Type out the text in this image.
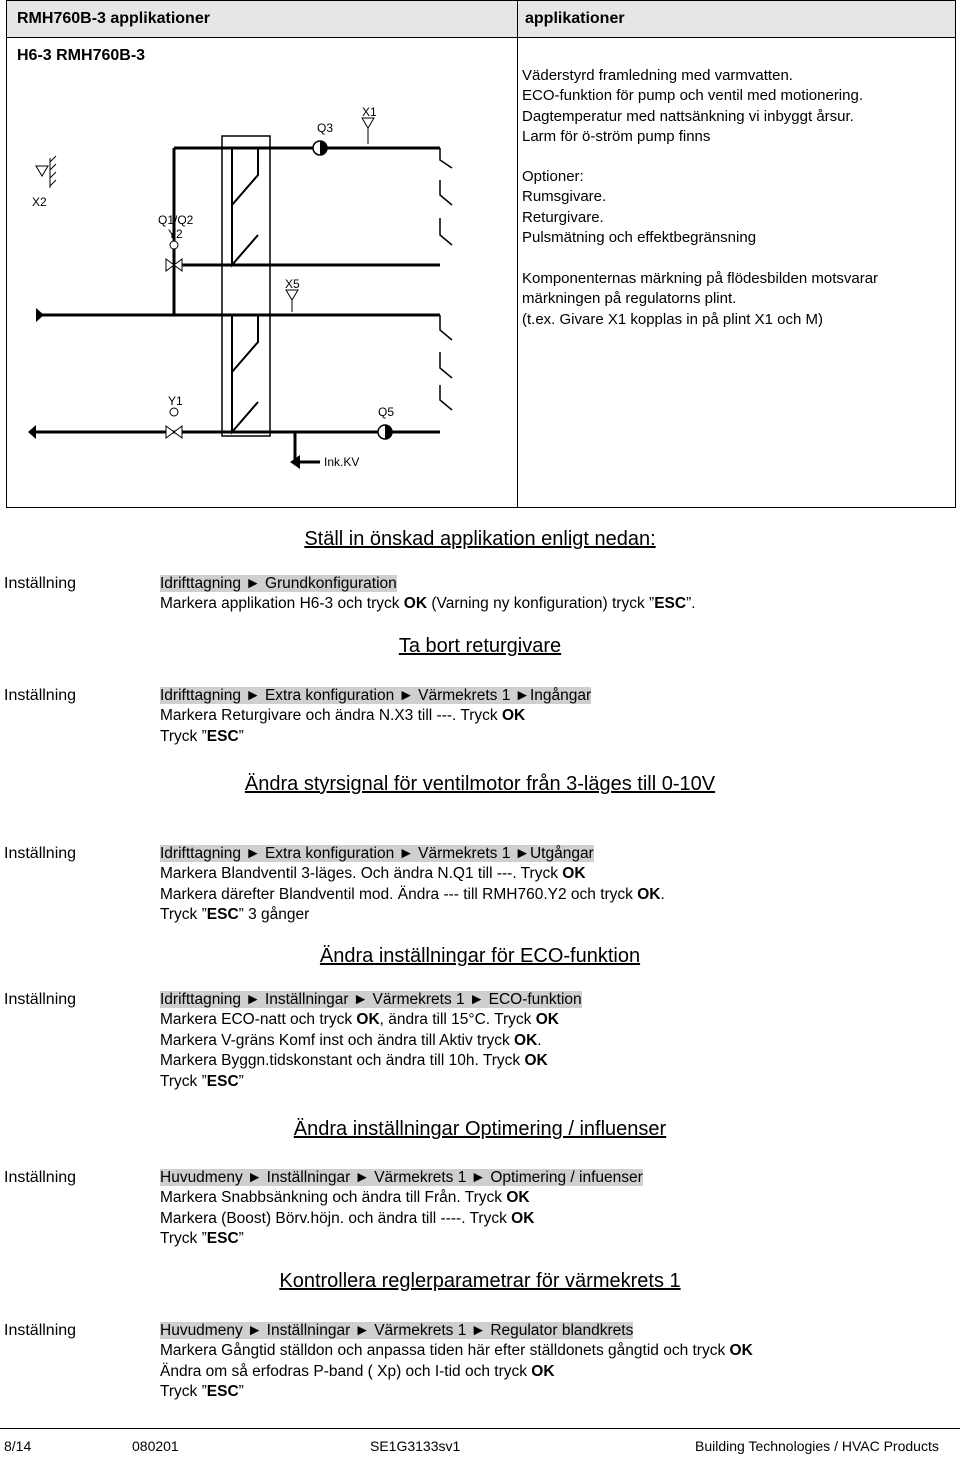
RMH760B-3 applikationer	applikationer
H6-3 RMH760B-3
X1
Q3
X2
Q1/Q2
Y2
X5
Y1
Q5
Ink.KV
Väderstyrd framledning med varmvatten.
ECO-funktion för pump och ventil med motionering.
Dagtemperatur med nattsänkning vi inbyggt årsur.
Larm för ö-ström pump finns
Optioner:
Rumsgivare.
Returgivare.
Pulsmätning och effektbegränsning
Komponenternas märkning på flödesbilden motsvarar
märkningen på regulatorns plint.
(t.ex. Givare X1 kopplas in på plint X1 och M)
Ställ in önskad applikation enligt nedan:
Inställning	Idrifttagning ► Grundkonfiguration
Markera applikation H6-3 och tryck OK (Varning ny konfiguration) tryck ”ESC”.
Ta bort returgivare
Inställning	Idrifttagning ► Extra konfiguration ► Värmekrets 1 ►Ingångar
Markera Returgivare och ändra N.X3 till ---. Tryck OK
Tryck ”ESC”
Ändra styrsignal för ventilmotor från 3-läges till 0-10V
Inställning	Idrifttagning ► Extra konfiguration ► Värmekrets 1 ►Utgångar
Markera Blandventil 3-läges. Och ändra N.Q1 till ---. Tryck OK
Markera därefter Blandventil mod. Ändra --- till RMH760.Y2 och tryck OK.
Tryck ”ESC” 3 gånger
Ändra inställningar för ECO-funktion
Inställning	Idrifttagning ► Inställningar ► Värmekrets 1 ► ECO-funktion
Markera ECO-natt och tryck OK, ändra till 15°C. Tryck OK
Markera V-gräns Komf inst och ändra till Aktiv tryck OK.
Markera Byggn.tidskonstant och ändra till 10h. Tryck OK
Tryck ”ESC”
Ändra inställningar Optimering / influenser
Inställning	Huvudmeny ► Inställningar ► Värmekrets 1 ► Optimering / infuenser
Markera Snabbsänkning och ändra till Från. Tryck OK
Markera (Boost) Börv.höjn. och ändra till ----. Tryck OK
Tryck ”ESC”
Kontrollera reglerparametrar för värmekrets 1
Inställning	Huvudmeny ► Inställningar ► Värmekrets 1 ► Regulator blandkrets
Markera Gångtid ställdon och anpassa tiden här efter ställdonets gångtid och tryck OK
Ändra om så erfodras P-band ( Xp) och I-tid och tryck OK
Tryck ”ESC”
8/14	080201	SE1G3133sv1	Building Technologies / HVAC Products
